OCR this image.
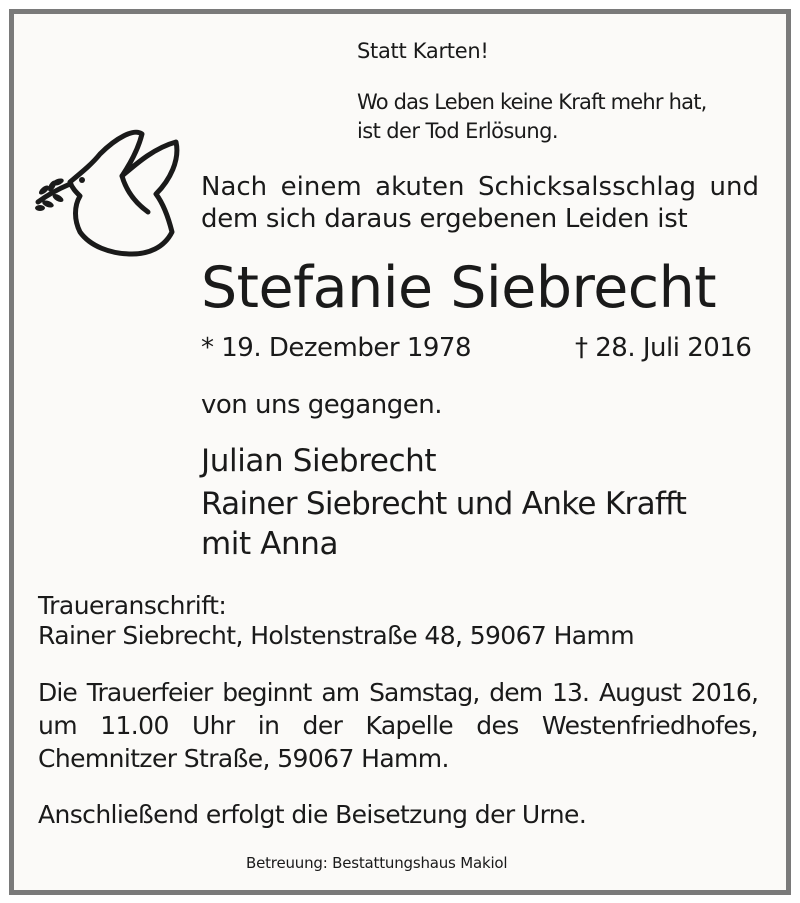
Statt Karten!

Wo das Leben keine Kraft mehr hat,

ist der Tod Erlösung.

Nach einem akuten Schicksalsschlag und

dem sich daraus ergebenen Leiden ist

Stefanie Siebrecht

* 19. Dezember 1978	† 28. Juli 2016

von uns gegangen.

Julian Siebrecht

Rainer Siebrecht und Anke Krafft

mit Anna

Traueranschrift:

Rainer Siebrecht, Holstenstraße 48, 59067 Hamm

Die Trauerfeier beginnt am Samstag, dem 13. August 2016,

um 11.00 Uhr in der Kapelle des Westenfriedhofes,

Chemnitzer Straße, 59067 Hamm.

Anschließend erfolgt die Beisetzung der Urne.

Betreuung: Bestattungshaus Makiol
